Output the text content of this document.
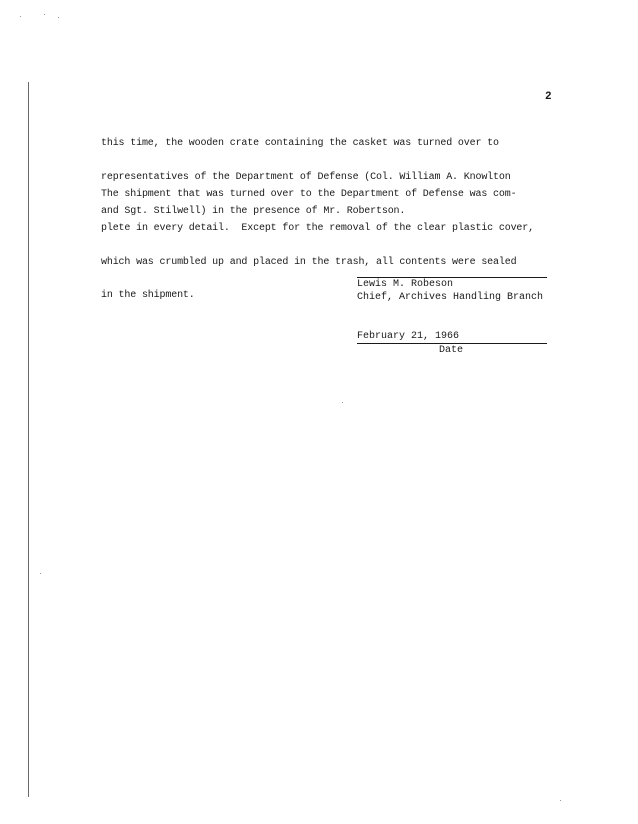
2

this time, the wooden crate containing the casket was turned over to

representatives of the Department of Defense (Col. William A. Knowlton

and Sgt. Stilwell) in the presence of Mr. Robertson.

The shipment that was turned over to the Department of Defense was com-

plete in every detail.  Except for the removal of the clear plastic cover,

which was crumbled up and placed in the trash, all contents were sealed

in the shipment.

Lewis M. Robeson
Chief, Archives Handling Branch
February 21, 1966
Date
